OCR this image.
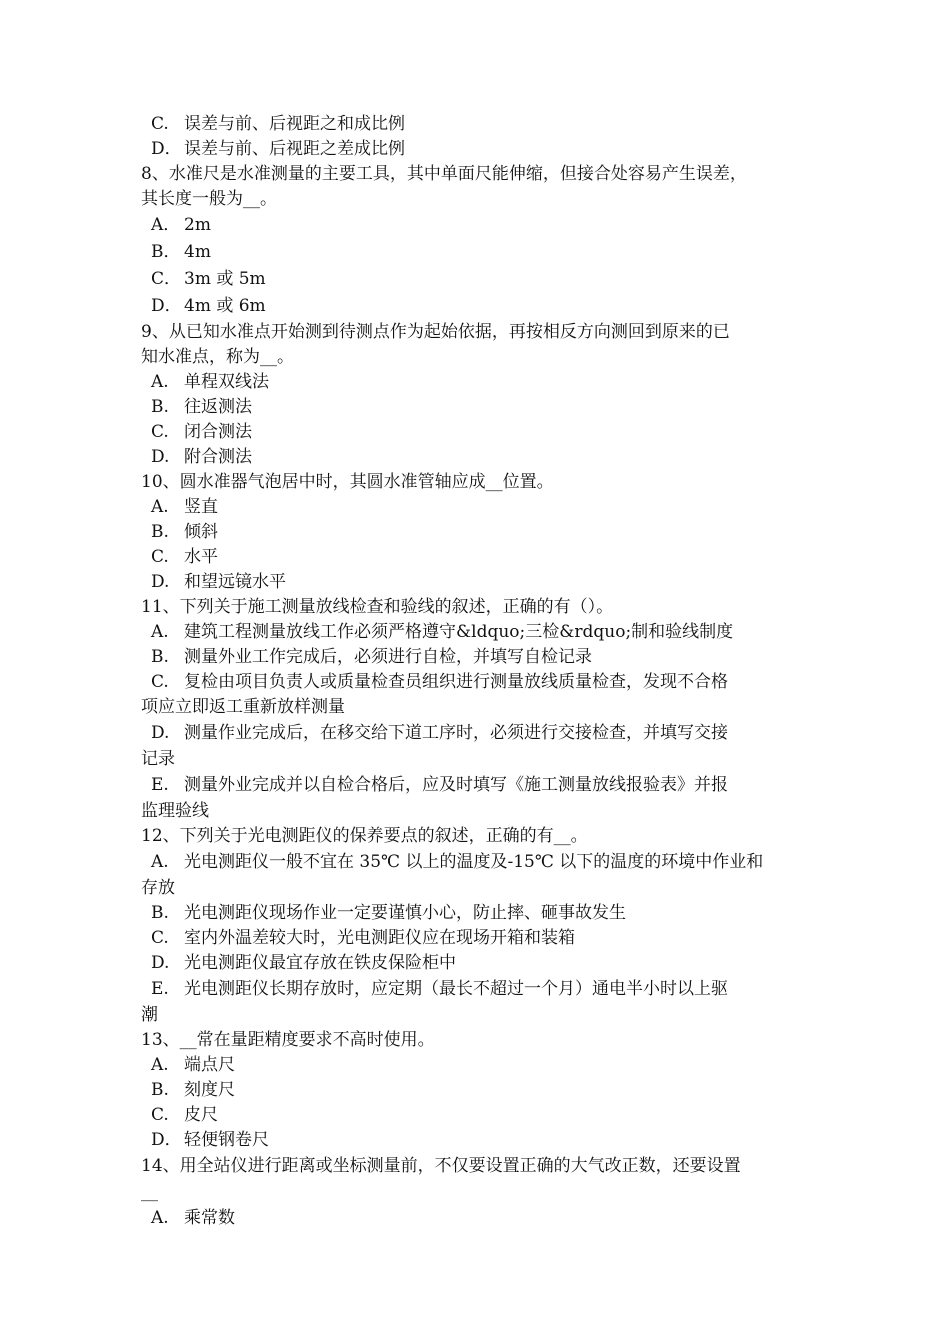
C. 误差与前、后视距之和成比例
D． 误差与前、后视距之差成比例
8、水准尺是水准测量的主要工具，其中单面尺能伸缩，但接合处容易产生误差，
其长度一般为__。
A． 2m
B． 4m
C． 3m 或 5m
D． 4m 或 6m
9、从已知水准点开始测到待测点作为起始依据，再按相反方向测回到原来的已
知水准点，称为__。
A. 单程双线法
B. 往返测法
C. 闭合测法
D. 附合测法
10、圆水准器气泡居中时，其圆水准管轴应成__位置。
A. 竖直
B. 倾斜
C. 水平
D. 和望远镜水平
11、下列关于施工测量放线检查和验线的叙述，正确的有（）。
A. 建筑工程测量放线工作必须严格遵守&ldquo;三检&rdquo;制和验线制度
B. 测量外业工作完成后，必须进行自检，并填写自检记录
C. 复检由项目负责人或质量检查员组织进行测量放线质量检查，发现不合格
项应立即返工重新放样测量
D. 测量作业完成后，在移交给下道工序时，必须进行交接检查，并填写交接
记录
E. 测量外业完成并以自检合格后，应及时填写《施工测量放线报验表》并报
监理验线
12、下列关于光电测距仪的保养要点的叙述，正确的有__。
A. 光电测距仪一般不宜在 35℃ 以上的温度及-15℃ 以下的温度的环境中作业和
存放
B. 光电测距仪现场作业一定要谨慎小心，防止摔、砸事故发生
C. 室内外温差较大时，光电测距仪应在现场开箱和装箱
D. 光电测距仪最宜存放在铁皮保险柜中
E. 光电测距仪长期存放时，应定期（最长不超过一个月）通电半小时以上驱
潮
13、__常在量距精度要求不高时使用。
A. 端点尺
B. 刻度尺
C. 皮尺
D． 轻便钢卷尺
14、用全站仪进行距离或坐标测量前，不仅要设置正确的大气改正数，还要设置
__
A. 乘常数
